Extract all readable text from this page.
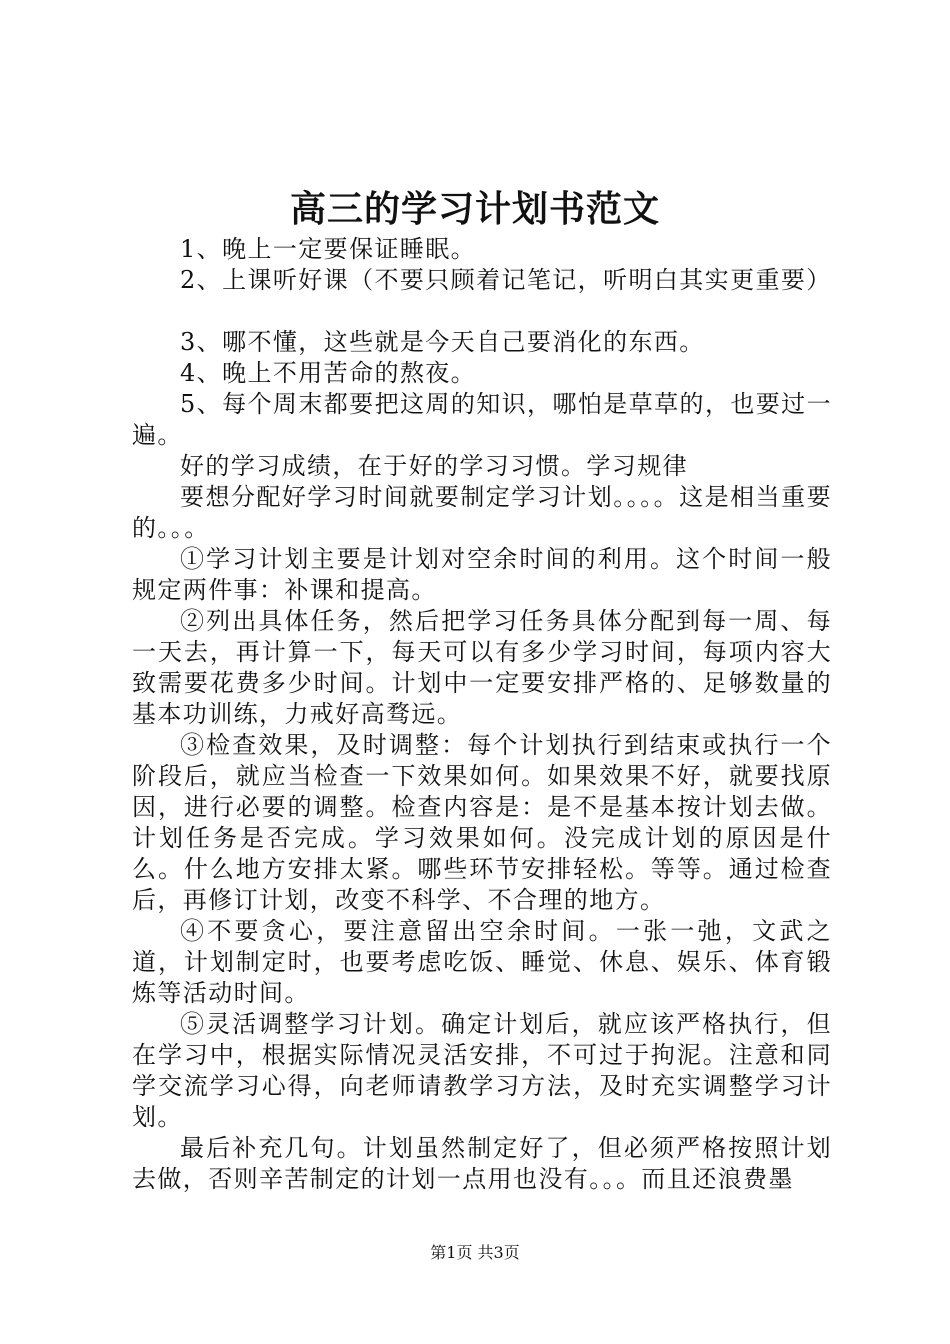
高三的学习计划书范文

1、晚上一定要保证睡眠。

2、上课听好课（不要只顾着记笔记，听明白其实更重要）

3、哪不懂，这些就是今天自己要消化的东西。

4、晚上不用苦命的熬夜。

5、每个周末都要把这周的知识，哪怕是草草的，也要过一遍。

好的学习成绩，在于好的学习习惯。学习规律

要想分配好学习时间就要制定学习计划。。。。这是相当重要的。。。

①学习计划主要是计划对空余时间的利用。这个时间一般规定两件事：补课和提高。

②列出具体任务，然后把学习任务具体分配到每一周、每一天去，再计算一下，每天可以有多少学习时间，每项内容大致需要花费多少时间。计划中一定要安排严格的、足够数量的基本功训练，力戒好高骛远。

③检查效果，及时调整：每个计划执行到结束或执行一个阶段后，就应当检查一下效果如何。如果效果不好，就要找原因，进行必要的调整。检查内容是：是不是基本按计划去做。计划任务是否完成。学习效果如何。没完成计划的原因是什么。什么地方安排太紧。哪些环节安排轻松。等等。通过检查后，再修订计划，改变不科学、不合理的地方。

④不要贪心，要注意留出空余时间。一张一弛，文武之道，计划制定时，也要考虑吃饭、睡觉、休息、娱乐、体育锻炼等活动时间。

⑤灵活调整学习计划。确定计划后，就应该严格执行，但在学习中，根据实际情况灵活安排，不可过于拘泥。注意和同学交流学习心得，向老师请教学习方法，及时充实调整学习计划。

最后补充几句。计划虽然制定好了，但必须严格按照计划去做，否则辛苦制定的计划一点用也没有。。。而且还浪费墨

第1页 共3页
